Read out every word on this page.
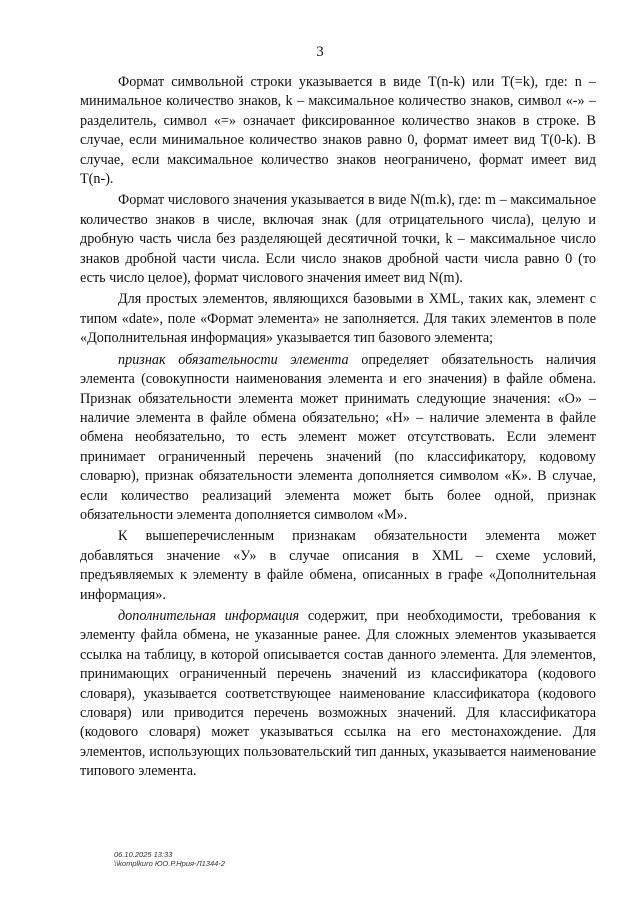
3

Формат символьной строки указывается в виде T(n-k) или T(=k), где: n – минимальное количество знаков, k – максимальное количество знаков, символ «-» – разделитель, символ «=» означает фиксированное количество знаков в строке. В случае, если минимальное количество знаков равно 0, формат имеет вид T(0-k). В случае, если максимальное количество знаков неограничено, формат имеет вид T(n-).

Формат числового значения указывается в виде N(m.k), где: m – максимальное количество знаков в числе, включая знак (для отрицательного числа), целую и дробную часть числа без разделяющей десятичной точки, k – максимальное число знаков дробной части числа. Если число знаков дробной части числа равно 0 (то есть число целое), формат числового значения имеет вид N(m).

Для простых элементов, являющихся базовыми в XML, таких как, элемент с типом «date», поле «Формат элемента» не заполняется. Для таких элементов в поле «Дополнительная информация» указывается тип базового элемента;

признак обязательности элемента определяет обязательность наличия элемента (совокупности наименования элемента и его значения) в файле обмена. Признак обязательности элемента может принимать следующие значения: «О» – наличие элемента в файле обмена обязательно; «Н» – наличие элемента в файле обмена необязательно, то есть элемент может отсутствовать. Если элемент принимает ограниченный перечень значений (по классификатору, кодовому словарю), признак обязательности элемента дополняется символом «К». В случае, если количество реализаций элемента может быть более одной, признак обязательности элемента дополняется символом «М».

К вышеперечисленным признакам обязательности элемента может добавляться значение «У» в случае описания в XML – схеме условий, предъявляемых к элементу в файле обмена, описанных в графе «Дополнительная информация».

дополнительная информация содержит, при необходимости, требования к элементу файла обмена, не указанные ранее. Для сложных элементов указывается ссылка на таблицу, в которой описывается состав данного элемента. Для элементов, принимающих ограниченный перечень значений из классификатора (кодового словаря), указывается соответствующее наименование классификатора (кодового словаря) или приводится перечень возможных значений. Для классификатора (кодового словаря) может указываться ссылка на его местонахождение. Для элементов, использующих пользовательский тип данных, указывается наименование типового элемента.

06.10.2025 13:33
\\komplkuro ЮО.Р.Нрия-Л1344-2
